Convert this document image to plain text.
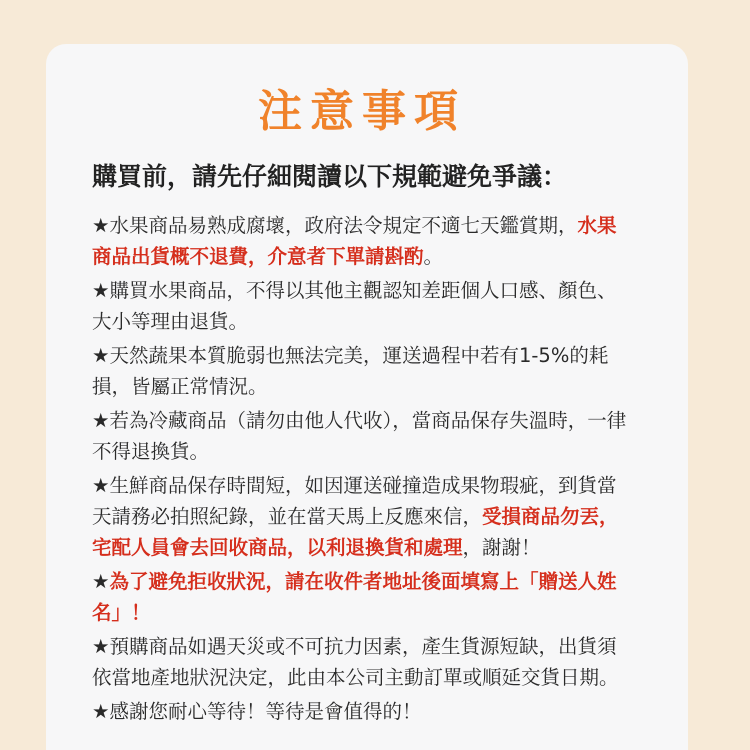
注意事項
購買前，請先仔細閱讀以下規範避免爭議：
★水果商品易熟成腐壞，政府法令規定不適七天鑑賞期，水果商品出貨概不退費，介意者下單請斟酌。
★購買水果商品，不得以其他主觀認知差距個人口感、顏色、大小等理由退貨。
★天然蔬果本質脆弱也無法完美，運送過程中若有1-5%的耗損，皆屬正常情況。
★若為冷藏商品（請勿由他人代收），當商品保存失溫時，一律不得退換貨。
★生鮮商品保存時間短，如因運送碰撞造成果物瑕疵，到貨當天請務必拍照紀錄，並在當天馬上反應來信，受損商品勿丟，宅配人員會去回收商品，以利退換貨和處理，謝謝！
★為了避免拒收狀況，請在收件者地址後面填寫上「贈送人姓名」！
★預購商品如遇天災或不可抗力因素，產生貨源短缺，出貨須依當地產地狀況決定，此由本公司主動訂單或順延交貨日期。
★感謝您耐心等待！等待是會值得的！
